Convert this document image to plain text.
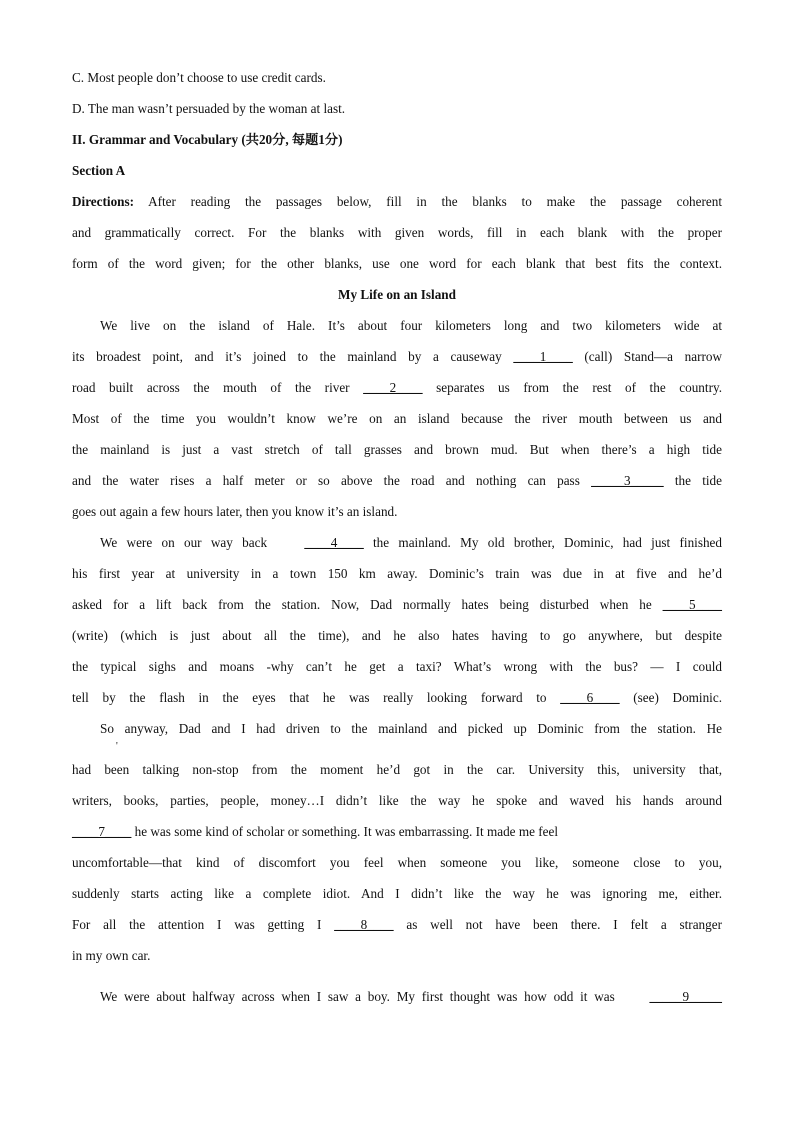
C. Most people don’t choose to use credit cards.
D. The man wasn’t persuaded by the woman at last.
II. Grammar and Vocabulary (共20分, 每题1分)
Section A
Directions: After reading the passages below, fill in the blanks to make the passage coherent
and grammatically correct. For the blanks with given words, fill in each blank with the proper
form of the word given; for the other blanks, use one word for each blank that best fits the context.
My Life on an Island
We live on the island of Hale. It’s about four kilometers long and two kilometers wide at
its broadest point, and it’s joined to the mainland by a causeway ____1____ (call) Stand—a narrow
road built across the mouth of the river ____2____ separates us from the rest of the country.
Most of the time you wouldn’t know we’re on an island because the river mouth between us and
the mainland is just a vast stretch of tall grasses and brown mud. But when there’s a high tide
and the water rises a half meter or so above the road and nothing can pass _____3_____ the tide
goes out again a few hours later, then you know it’s an island.
We were on our way back ____4____ the mainland. My old brother, Dominic, had just finished
his first year at university in a town 150 km away. Dominic’s train was due in at five and he’d
asked for a lift back from the station. Now, Dad normally hates being disturbed when he ____5____
(write) (which is just about all the time), and he also hates having to go anywhere, but despite
the typical sighs and moans -why can’t he get a taxi? What’s wrong with the bus? — I could
tell by the flash in the eyes that he was really looking forward to ____6____ (see) Dominic.
So anyway, Dad and I had driven to the mainland and picked up Dominic from the station. He
had been talking non-stop from the moment he’d got in the car. University this, university that,
writers, books, parties, people, money…I didn’t like the way he spoke and waved his hands around
____7____ he was some kind of scholar or something. It was embarrassing. It made me feel
uncomfortable—that kind of discomfort you feel when someone you like, someone close to you,
suddenly starts acting like a complete idiot. And I didn’t like the way he was ignoring me, either.
For all the attention I was getting I ____8____ as well not have been there. I felt a stranger
in my own car.
We were about halfway across when I saw a boy. My first thought was how odd it was _____9_____
'
